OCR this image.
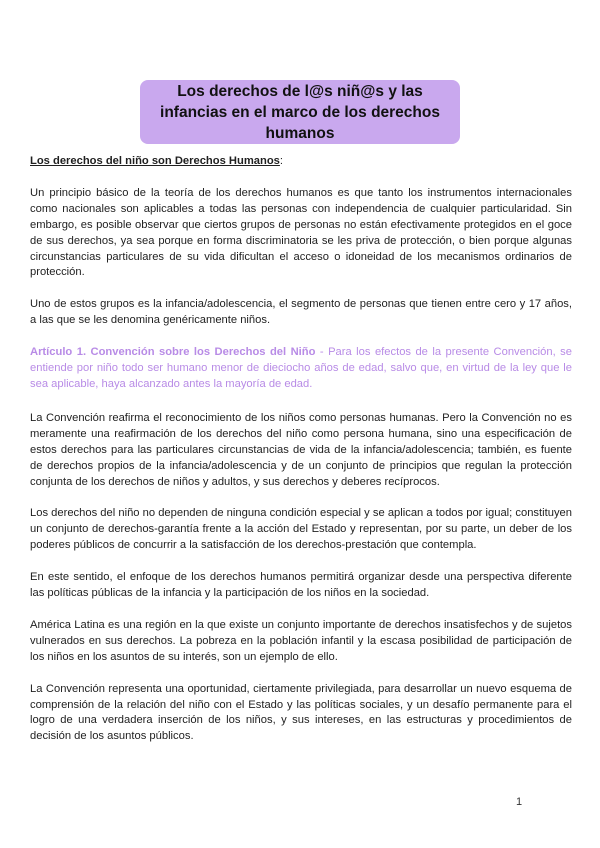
Los derechos de l@s niñ@s y las infancias en el marco de los derechos humanos

Los derechos del niño son Derechos Humanos:

Un principio básico de la teoría de los derechos humanos es que tanto los instrumentos internacionales como nacionales son aplicables a todas las personas con independencia de cualquier particularidad. Sin embargo, es posible observar que ciertos grupos de personas no están efectivamente protegidos en el goce de sus derechos, ya sea porque en forma discriminatoria se les priva de protección, o bien porque algunas circunstancias particulares de su vida dificultan el acceso o idoneidad de los mecanismos ordinarios de protección.

Uno de estos grupos es la infancia/adolescencia, el segmento de personas que tienen entre cero y 17 años, a las que se les denomina genéricamente niños.

Artículo 1. Convención sobre los Derechos del Niño - Para los efectos de la presente Convención, se entiende por niño todo ser humano menor de dieciocho años de edad, salvo que, en virtud de la ley que le sea aplicable, haya alcanzado antes la mayoría de edad.

La Convención reafirma el reconocimiento de los niños como personas humanas. Pero la Convención no es meramente una reafirmación de los derechos del niño como persona humana, sino una especificación de estos derechos para las particulares circunstancias de vida de la infancia/adolescencia; también, es fuente de derechos propios de la infancia/adolescencia y de un conjunto de principios que regulan la protección conjunta de los derechos de niños y adultos, y sus derechos y deberes recíprocos.

Los derechos del niño no dependen de ninguna condición especial y se aplican a todos por igual; constituyen un conjunto de derechos-garantía frente a la acción del Estado y representan, por su parte, un deber de los poderes públicos de concurrir a la satisfacción de los derechos-prestación que contempla.

En este sentido, el enfoque de los derechos humanos permitirá organizar desde una perspectiva diferente las políticas públicas de la infancia y la participación de los niños en la sociedad.

América Latina es una región en la que existe un conjunto importante de derechos insatisfechos y de sujetos vulnerados en sus derechos. La pobreza en la población infantil y la escasa posibilidad de participación de los niños en los asuntos de su interés, son un ejemplo de ello.

La Convención representa una oportunidad, ciertamente privilegiada, para desarrollar un nuevo esquema de comprensión de la relación del niño con el Estado y las políticas sociales, y un desafío permanente para el logro de una verdadera inserción de los niños, y sus intereses, en las estructuras y procedimientos de decisión de los asuntos públicos.

1
